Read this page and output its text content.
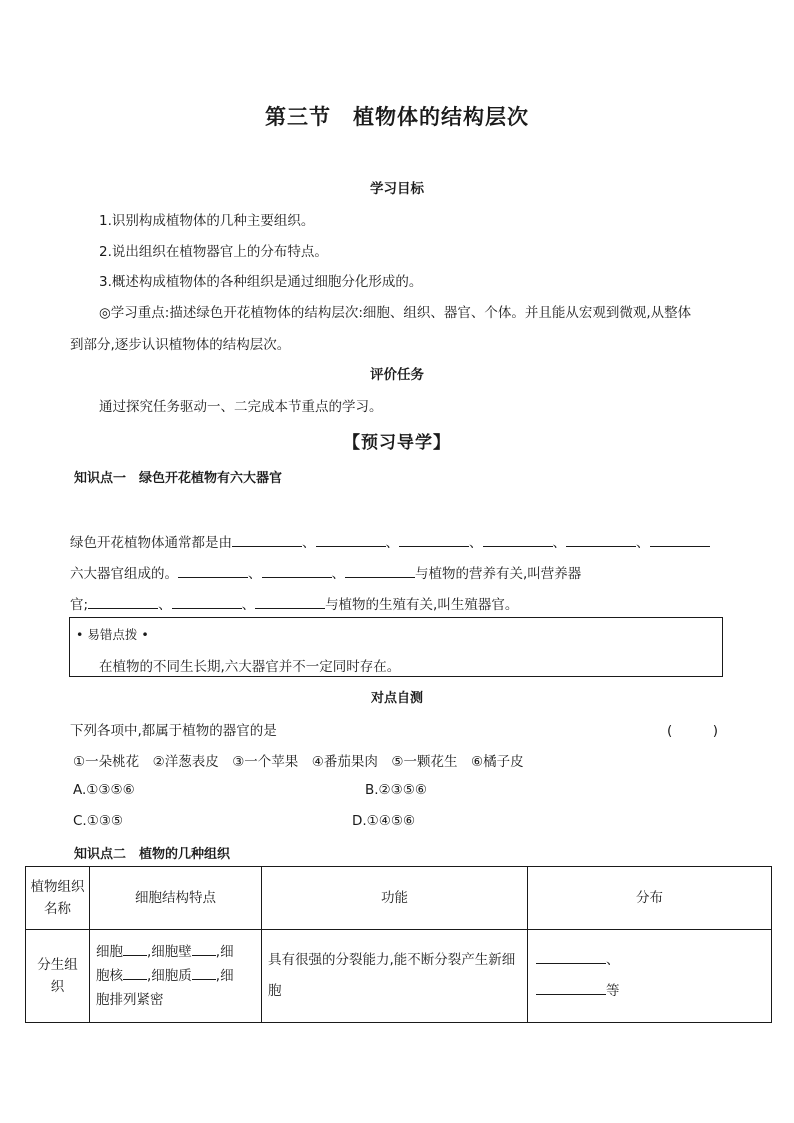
第三节　植物体的结构层次
学习目标
1.识别构成植物体的几种主要组织。
2.说出组织在植物器官上的分布特点。
3.概述构成植物体的各种组织是通过细胞分化形成的。
◎学习重点:描述绿色开花植物体的结构层次:细胞、组织、器官、个体。并且能从宏观到微观,从整体
到部分,逐步认识植物体的结构层次。
评价任务
通过探究任务驱动一、二完成本节重点的学习。
【预习导学】
知识点一　绿色开花植物有六大器官
绿色开花植物体通常都是由	、	、	、	、	、
六大器官组成的。	、	、	与植物的营养有关,叫营养器
官;	、	、	与植物的生殖有关,叫生殖器官。
• 易错点拨 •
在植物的不同生长期,六大器官并不一定同时存在。
对点自测
下列各项中,都属于植物的器官的是	(　　　)
①一朵桃花　②洋葱表皮　③一个苹果　④番茄果肉　⑤一颗花生　⑥橘子皮
A.①③⑤⑥	B.②③⑤⑥
C.①③⑤	D.①④⑤⑥
知识点二　植物的几种组织
植物组织名称	细胞结构特点	功能	分布
分生组织	细胞 ,细胞壁 ,细
胞核 ,细胞质 ,细
胞排列紧密	具有很强的分裂能力,能不断分裂产生新细胞	、
等
